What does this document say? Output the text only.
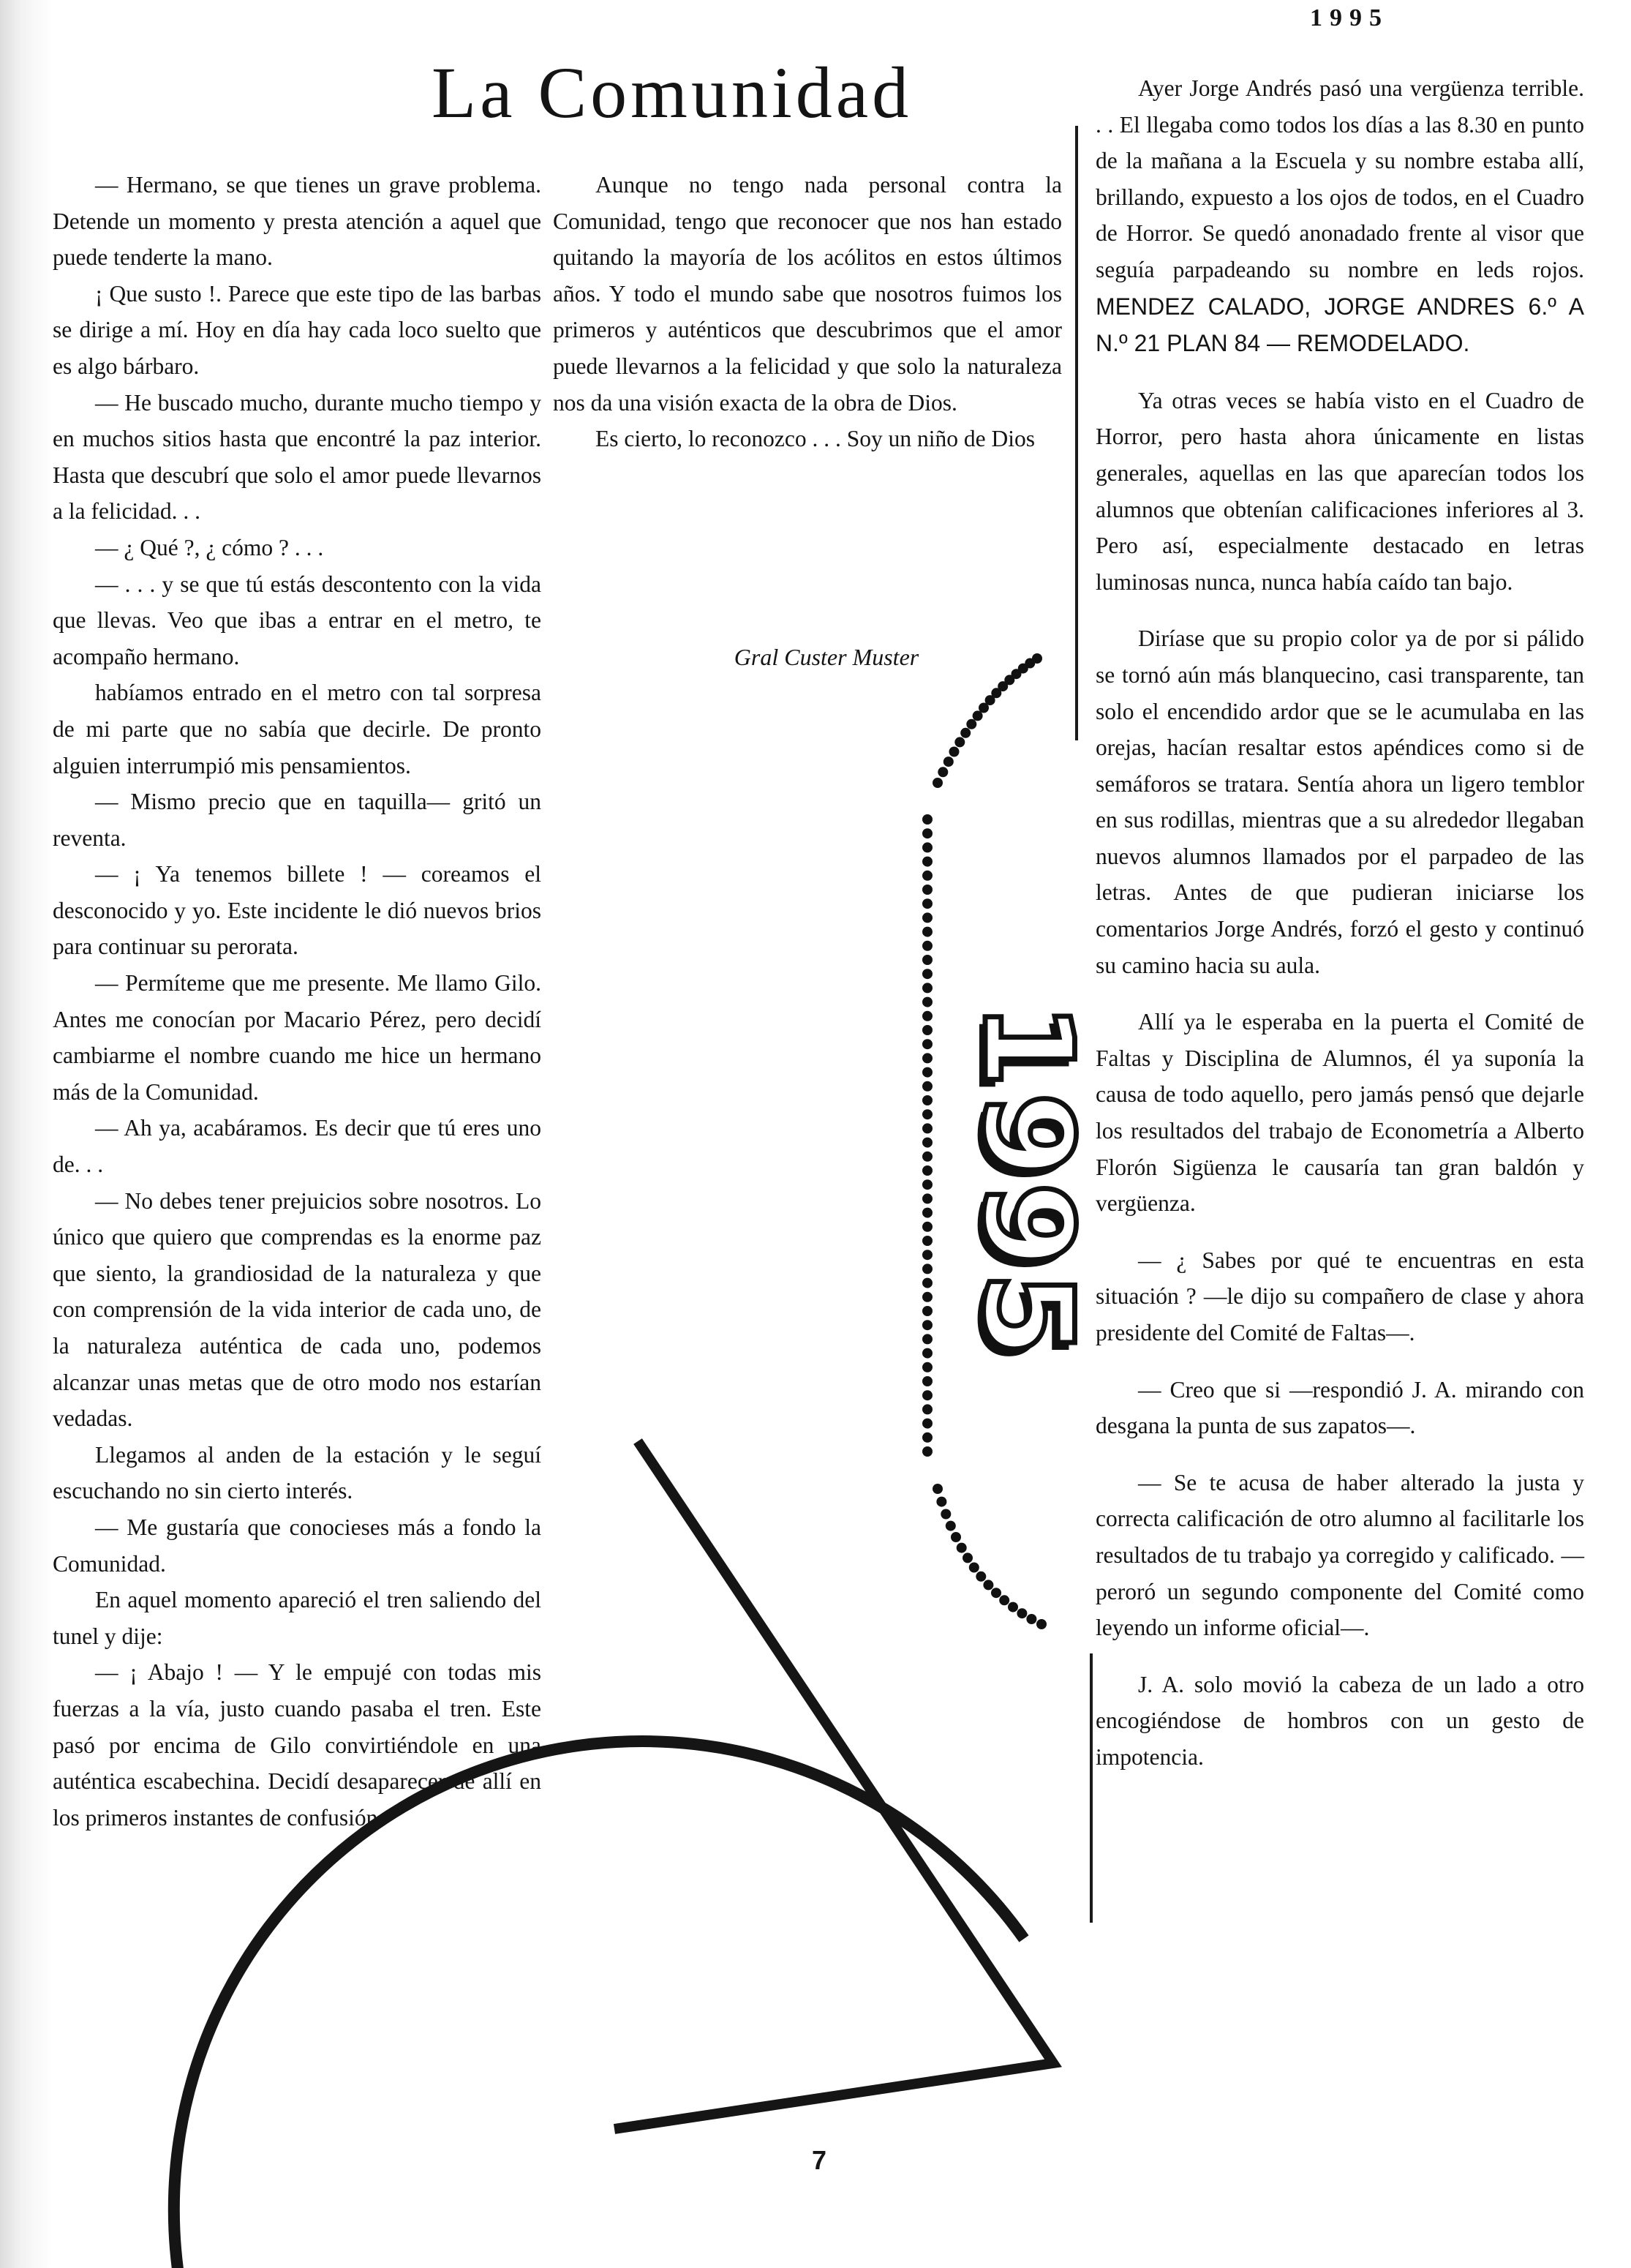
1995
La Comunidad

— Hermano, se que tienes un grave problema. Detende un momento y presta atención a aquel que puede tenderte la mano.

¡ Que susto !. Parece que este tipo de las barbas se dirige a mí. Hoy en día hay cada loco suelto que es algo bárbaro.

— He buscado mucho, durante mucho tiempo y en muchos sitios hasta que encontré la paz interior. Hasta que descubrí que solo el amor puede llevarnos a la felicidad. . .

— ¿ Qué ?, ¿ cómo ? . . .

— . . . y se que tú estás descontento con la vida que llevas. Veo que ibas a entrar en el metro, te acompaño hermano.

habíamos entrado en el metro con tal sorpresa de mi parte que no sabía que decirle. De pronto alguien interrumpió mis pensamientos.

— Mismo precio que en taquilla— gritó un reventa.

— ¡ Ya tenemos billete ! — coreamos el desconocido y yo. Este incidente le dió nuevos brios para continuar su perorata.

— Permíteme que me presente. Me llamo Gilo. Antes me conocían por Macario Pérez, pero decidí cambiarme el nombre cuando me hice un hermano más de la Comunidad.

— Ah ya, acabáramos. Es decir que tú eres uno de. . .

— No debes tener prejuicios sobre nosotros. Lo único que quiero que comprendas es la enorme paz que siento, la grandiosidad de la naturaleza y que con comprensión de la vida interior de cada uno, de la naturaleza auténtica de cada uno, podemos alcanzar unas metas que de otro modo nos estarían vedadas.

Llegamos al anden de la estación y le seguí escuchando no sin cierto interés.

— Me gustaría que conocieses más a fondo la Comunidad.

En aquel momento apareció el tren saliendo del tunel y dije:

— ¡ Abajo ! — Y le empujé con todas mis fuerzas a la vía, justo cuando pasaba el tren. Este pasó por encima de Gilo convirtiéndole en una auténtica escabechina. Decidí desaparecer de allí en los primeros instantes de confusión.

Aunque no tengo nada personal contra la Comunidad, tengo que reconocer que nos han estado quitando la mayoría de los acólitos en estos últimos años. Y todo el mundo sabe que nosotros fuimos los primeros y auténticos que descubrimos que el amor puede llevarnos a la felicidad y que solo la naturaleza nos da una visión exacta de la obra de Dios.

Es cierto, lo reconozco . . . Soy un niño de Dios

Gral Custer Muster

Ayer Jorge Andrés pasó una vergüenza terrible. . . El llegaba como todos los días a las 8.30 en punto de la mañana a la Escuela y su nombre estaba allí, brillando, expuesto a los ojos de todos, en el Cuadro de Horror. Se quedó anonadado frente al visor que seguía parpadeando su nombre en leds rojos. MENDEZ CALADO, JORGE ANDRES 6.º A N.º 21 PLAN 84 — REMODELADO.

Ya otras veces se había visto en el Cuadro de Horror, pero hasta ahora únicamente en listas generales, aquellas en las que aparecían todos los alumnos que obtenían calificaciones inferiores al 3. Pero así, especialmente destacado en letras luminosas nunca, nunca había caído tan bajo.

Diríase que su propio color ya de por si pálido se tornó aún más blanquecino, casi transparente, tan solo el encendido ardor que se le acumulaba en las orejas, hacían resaltar estos apéndices como si de semáforos se tratara. Sentía ahora un ligero temblor en sus rodillas, mientras que a su alrededor llegaban nuevos alumnos llamados por el parpadeo de las letras. Antes de que pudieran iniciarse los comentarios Jorge Andrés, forzó el gesto y continuó su camino hacia su aula.

Allí ya le esperaba en la puerta el Comité de Faltas y Disciplina de Alumnos, él ya suponía la causa de todo aquello, pero jamás pensó que dejarle los resultados del trabajo de Econometría a Alberto Florón Sigüenza le causaría tan gran baldón y vergüenza.

— ¿ Sabes por qué te encuentras en esta situación ? —le dijo su compañero de clase y ahora presidente del Comité de Faltas—.

— Creo que si —respondió J. A. mirando con desgana la punta de sus zapatos—.

— Se te acusa de haber alterado la justa y correcta calificación de otro alumno al facilitarle los resultados de tu trabajo ya corregido y calificado. —peroró un segundo componente del Comité como leyendo un informe oficial—.

J. A. solo movió la cabeza de un lado a otro encogiéndose de hombros con un gesto de impotencia.

1995
7
